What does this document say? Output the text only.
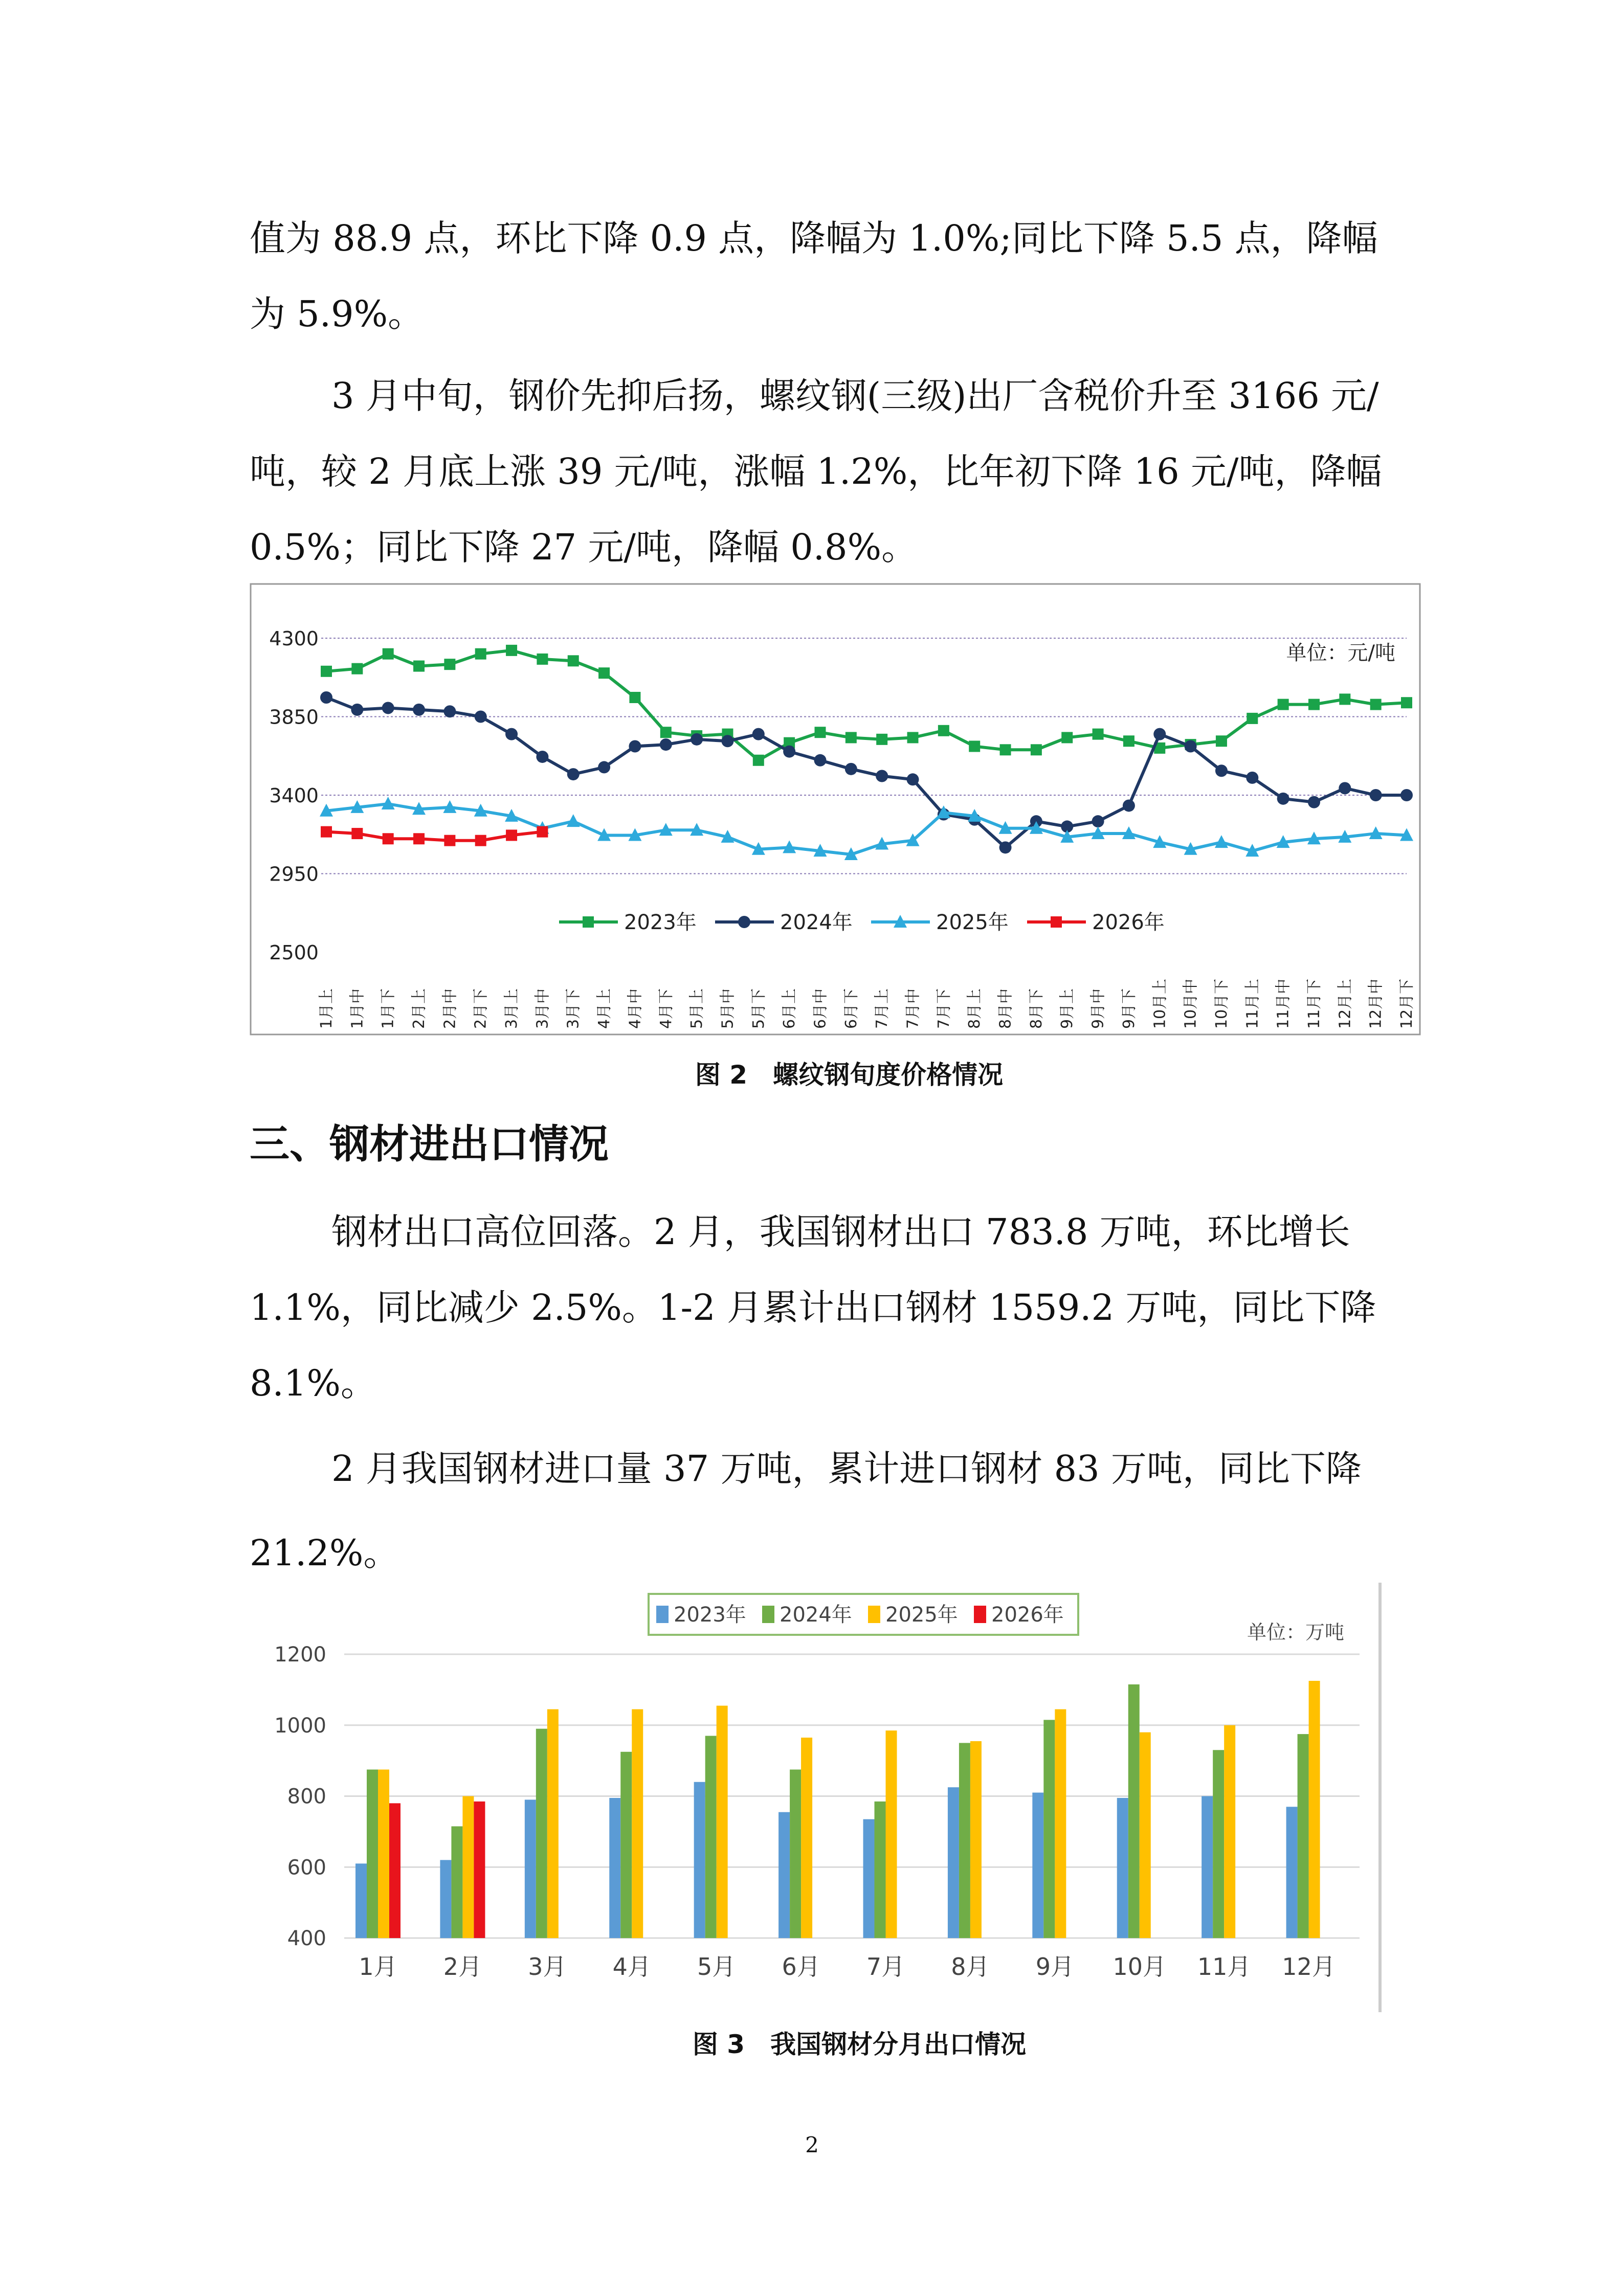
值为 88.9 点，环比下降 0.9 点，降幅为 1.0%;同比下降 5.5 点，降幅为 5.9%。

3 月中旬，钢价先抑后扬，螺纹钢(三级)出厂含税价升至 3166 元/吨，较 2 月底上涨 39 元/吨，涨幅 1.2%，比年初下降 16 元/吨，降幅 0.5%；同比下降 27 元/吨，降幅 0.8%。

4300
3850
3400
2950
2500
1月上 1月中 1月下 2月上 2月中 2月下 3月上 3月中 3月下 4月上 4月中 4月下 5月上 5月中 5月下 6月上 6月中 6月下 7月上 7月中 7月下 8月上 8月中 8月下 9月上 9月中 9月下 10月上 10月中 10月下 11月上 11月中 11月下 12月上 12月中 12月下
2023年	2024年	2025年	2026年
单位：元/吨
图 2　螺纹钢旬度价格情况
三、钢材进出口情况

钢材出口高位回落。2 月，我国钢材出口 783.8 万吨，环比增长 1.1%，同比减少 2.5%。1-2 月累计出口钢材 1559.2 万吨，同比下降 8.1%。

2 月我国钢材进口量 37 万吨，累计进口钢材 83 万吨，同比下降 21.2%。

1200
1000
800
600
400
1月 2月 3月 4月 5月 6月 7月 8月 9月 10月 11月 12月
2023年 2024年 2025年 2026年
单位：万吨
图 3　我国钢材分月出口情况
2
